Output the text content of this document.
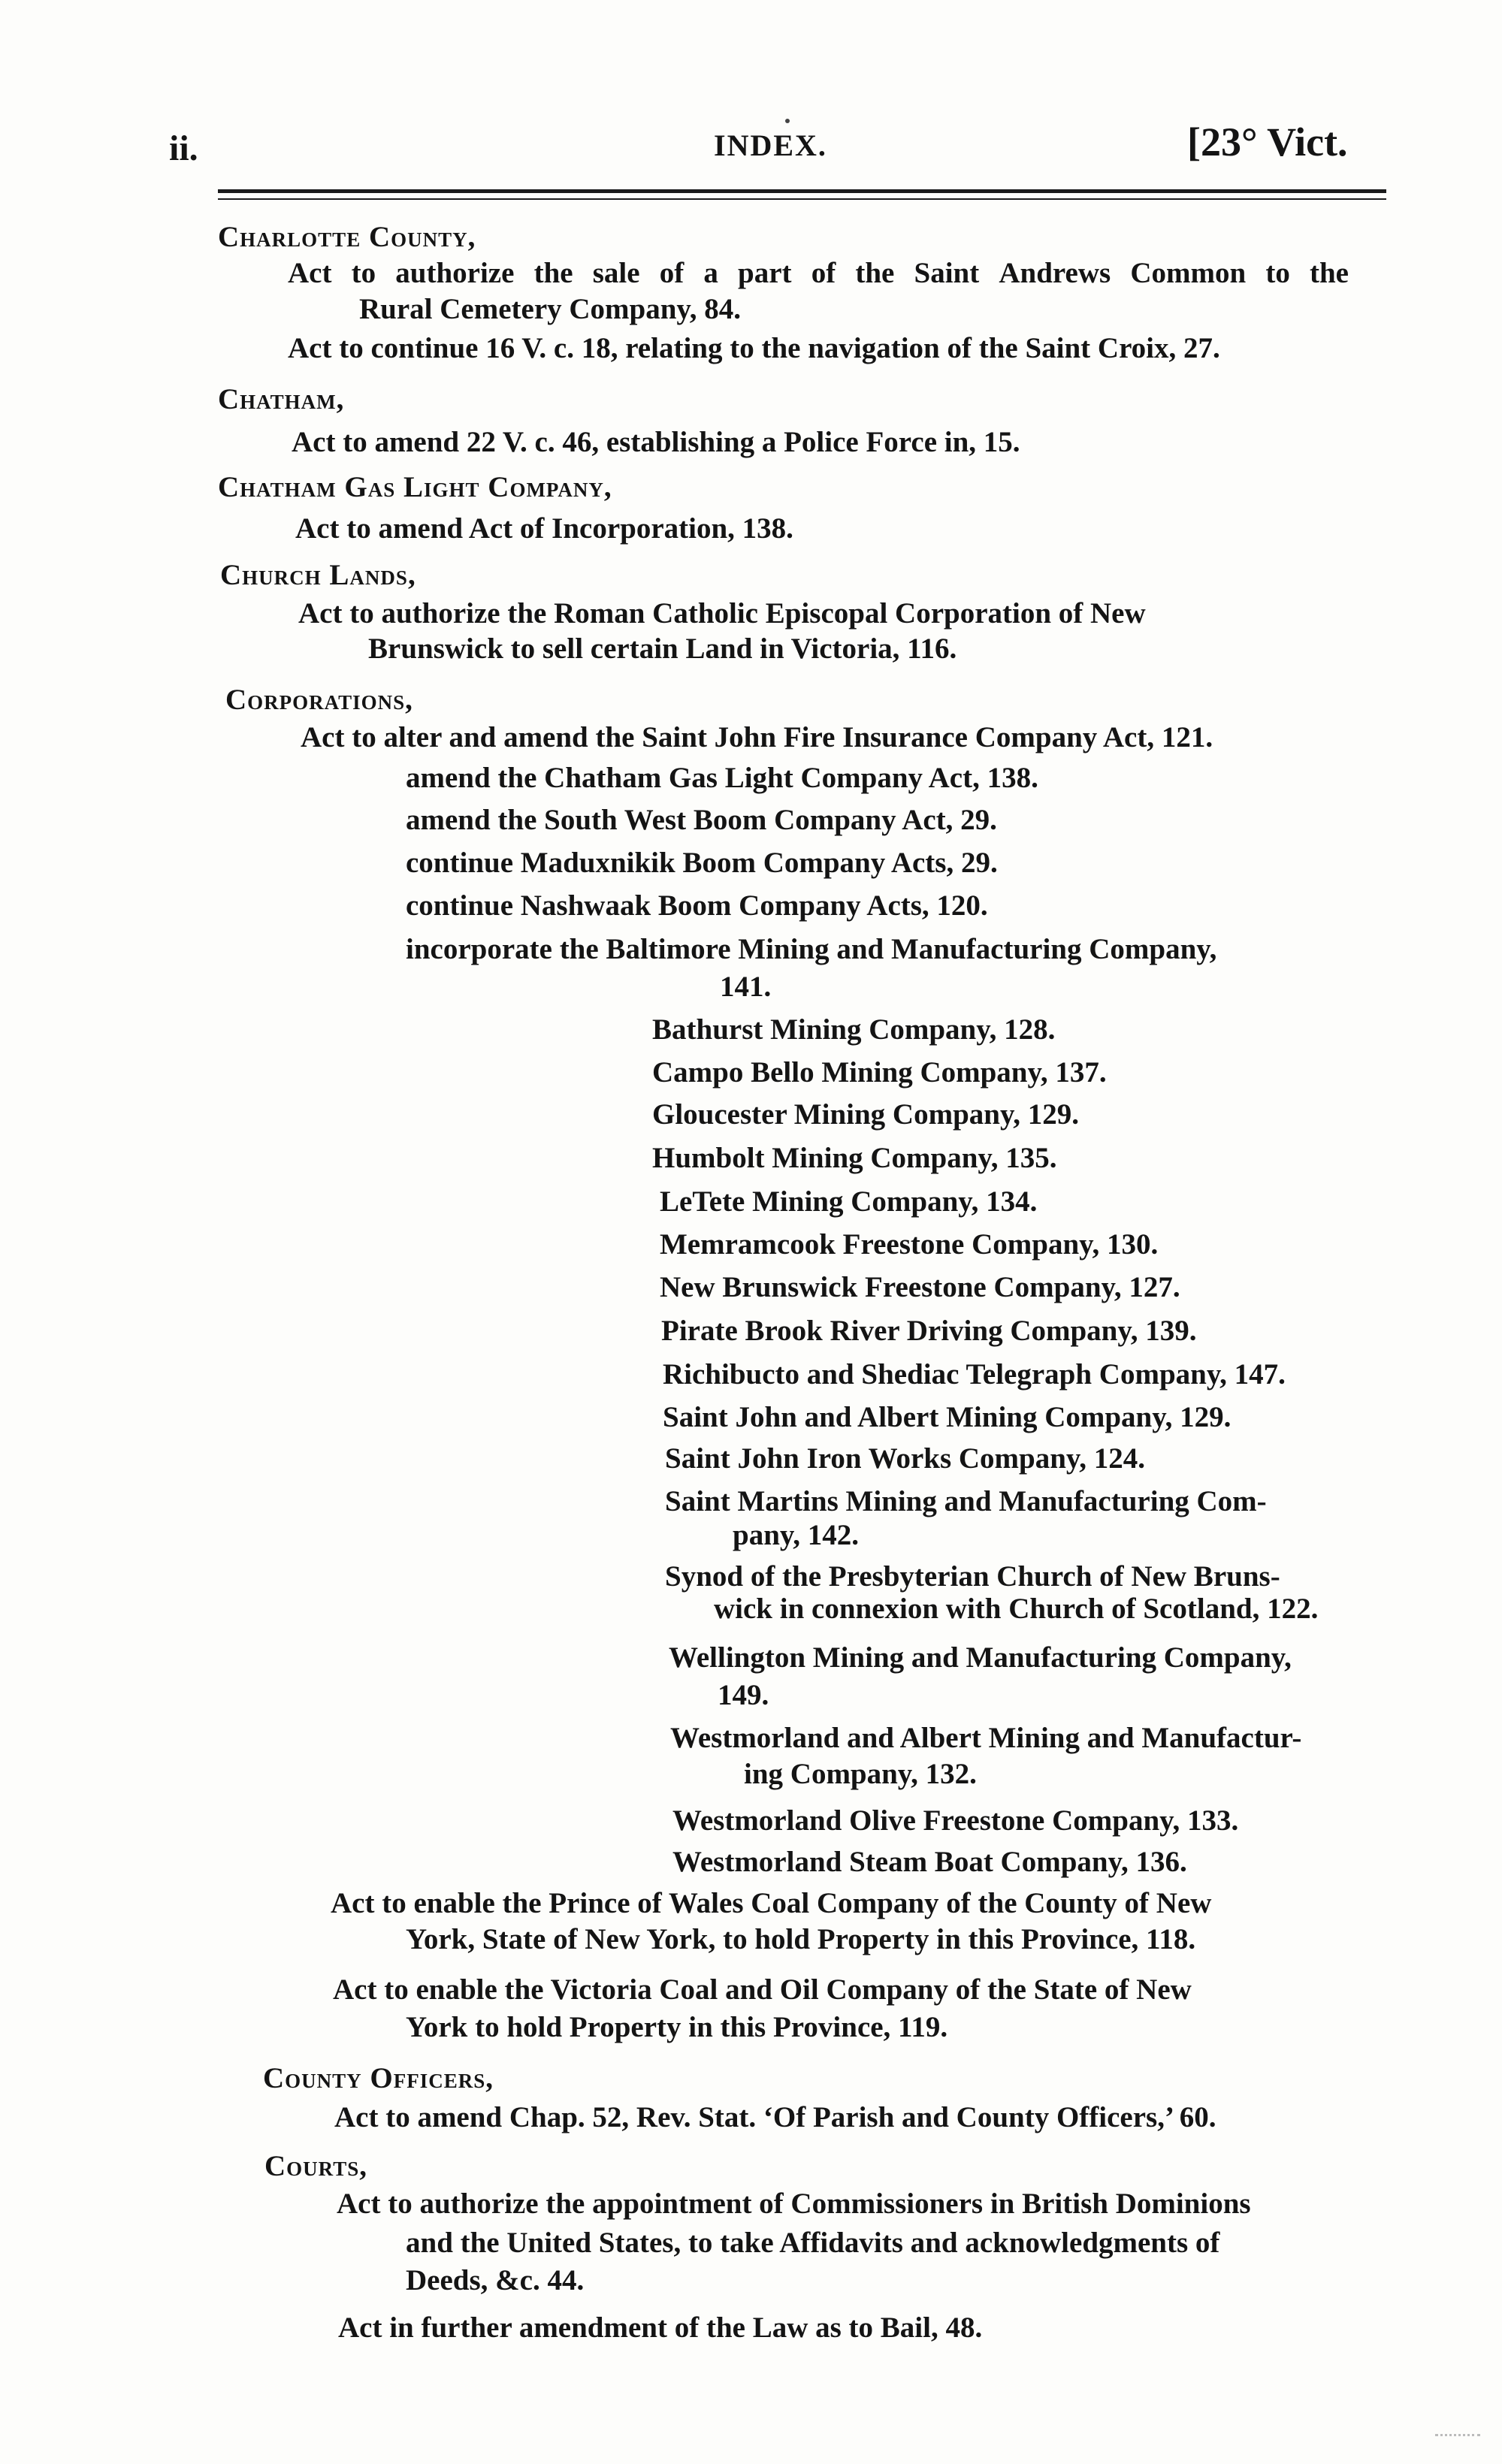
ii.	INDEX.	[23° Vict.
Charlotte County,
Act to authorize the sale of a part of the Saint Andrews Common to the
Rural Cemetery Company, 84.
Act to continue 16 V. c. 18, relating to the navigation of the Saint Croix, 27.
Chatham,
Act to amend 22 V. c. 46, establishing a Police Force in, 15.
Chatham Gas Light Company,
Act to amend Act of Incorporation, 138.
Church Lands,
Act to authorize the Roman Catholic Episcopal Corporation of New
Brunswick to sell certain Land in Victoria, 116.
Corporations,
Act to alter and amend the Saint John Fire Insurance Company Act, 121.
amend the Chatham Gas Light Company Act, 138.
amend the South West Boom Company Act, 29.
continue Maduxnikik Boom Company Acts, 29.
continue Nashwaak Boom Company Acts, 120.
incorporate the Baltimore Mining and Manufacturing Company,
141.
Bathurst Mining Company, 128.
Campo Bello Mining Company, 137.
Gloucester Mining Company, 129.
Humbolt Mining Company, 135.
LeTete Mining Company, 134.
Memramcook Freestone Company, 130.
New Brunswick Freestone Company, 127.
Pirate Brook River Driving Company, 139.
Richibucto and Shediac Telegraph Company, 147.
Saint John and Albert Mining Company, 129.
Saint John Iron Works Company, 124.
Saint Martins Mining and Manufacturing Com-
pany, 142.
Synod of the Presbyterian Church of New Bruns-
wick in connexion with Church of Scotland, 122.
Wellington Mining and Manufacturing Company,
149.
Westmorland and Albert Mining and Manufactur-
ing Company, 132.
Westmorland Olive Freestone Company, 133.
Westmorland Steam Boat Company, 136.
Act to enable the Prince of Wales Coal Company of the County of New
York, State of New York, to hold Property in this Province, 118.
Act to enable the Victoria Coal and Oil Company of the State of New
York to hold Property in this Province, 119.
County Officers,
Act to amend Chap. 52, Rev. Stat. ‘Of Parish and County Officers,’ 60.
Courts,
Act to authorize the appointment of Commissioners in British Dominions
and the United States, to take Affidavits and acknowledgments of
Deeds, &c. 44.
Act in further amendment of the Law as to Bail, 48.
